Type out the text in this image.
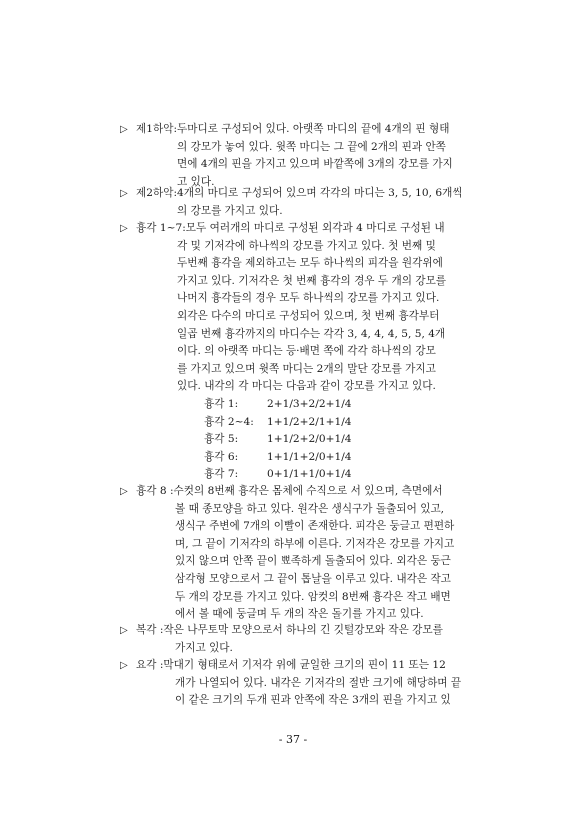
▷ 제1하악: 두마디로 구성되어 있다. 아랫쪽 마디의 끝에 4개의 핀 형태
의 강모가 놓여 있다. 윗쪽 마디는 그 끝에 2개의 핀과 안쪽
면에 4개의 핀을 가지고 있으며 바깥쪽에 3개의 강모를 가지
고 있다.
▷ 제2하악: 4개의 마디로 구성되어 있으며 각각의 마디는 3, 5, 10, 6개씩
의 강모를 가지고 있다.
▷ 흉각 1~7: 모두 여러개의 마디로 구성된 외각과 4 마디로 구성된 내
각 및 기저각에 하나씩의 강모를 가지고 있다. 첫 번째 및
두번째 흉각을 제외하고는 모두 하나씩의 피각을 원각위에
가지고 있다. 기저각은 첫 번째 흉각의 경우 두 개의 강모를
나머지 흉각들의 경우 모두 하나씩의 강모를 가지고 있다.
외각은 다수의 마디로 구성되어 있으며, 첫 번째 흉각부터
일곱 번째 흉각까지의 마디수는 각각 3, 4, 4, 4, 5, 5, 4개
이다. 의 아랫쪽 마디는 등·배면 쪽에 각각 하나씩의 강모
를 가지고 있으며 윗쪽 마디는 2개의 말단 강모를 가지고
있다. 내각의 각 마디는 다음과 같이 강모를 가지고 있다.
흉각 1:	2+1/3+2/2+1/4
흉각 2~4:	1+1/2+2/1+1/4
흉각 5:	1+1/2+2/0+1/4
흉각 6:	1+1/1+2/0+1/4
흉각 7:	0+1/1+1/0+1/4
▷ 흉각 8 : 수컷의 8번째 흉각은 몸체에 수직으로 서 있으며, 측면에서
볼 때 종모양을 하고 있다. 원각은 생식구가 돌출되어 있고,
생식구 주변에 7개의 이빨이 존재한다. 피각은 둥글고 편편하
며, 그 끝이 기저각의 하부에 이른다. 기저각은 강모를 가지고
있지 않으며 안쪽 끝이 뾰족하게 돌출되어 있다. 외각은 둥근
삼각형 모양으로서 그 끝이 톱날을 이루고 있다. 내각은 작고
두 개의 강모를 가지고 있다. 암컷의 8번째 흉각은 작고 배면
에서 볼 때에 둥글며 두 개의 작은 돌기를 가지고 있다.
▷ 복각 : 작은 나무토막 모양으로서 하나의 긴 깃털강모와 작은 강모를
가지고 있다.
▷ 요각 : 막대기 형태로서 기저각 위에 균일한 크기의 핀이 11 또는 12
개가 나열되어 있다. 내각은 기저각의 절반 크기에 해당하며 끝
이 같은 크기의 두개 핀과 안쪽에 작은 3개의 핀을 가지고 있
- 37 -
